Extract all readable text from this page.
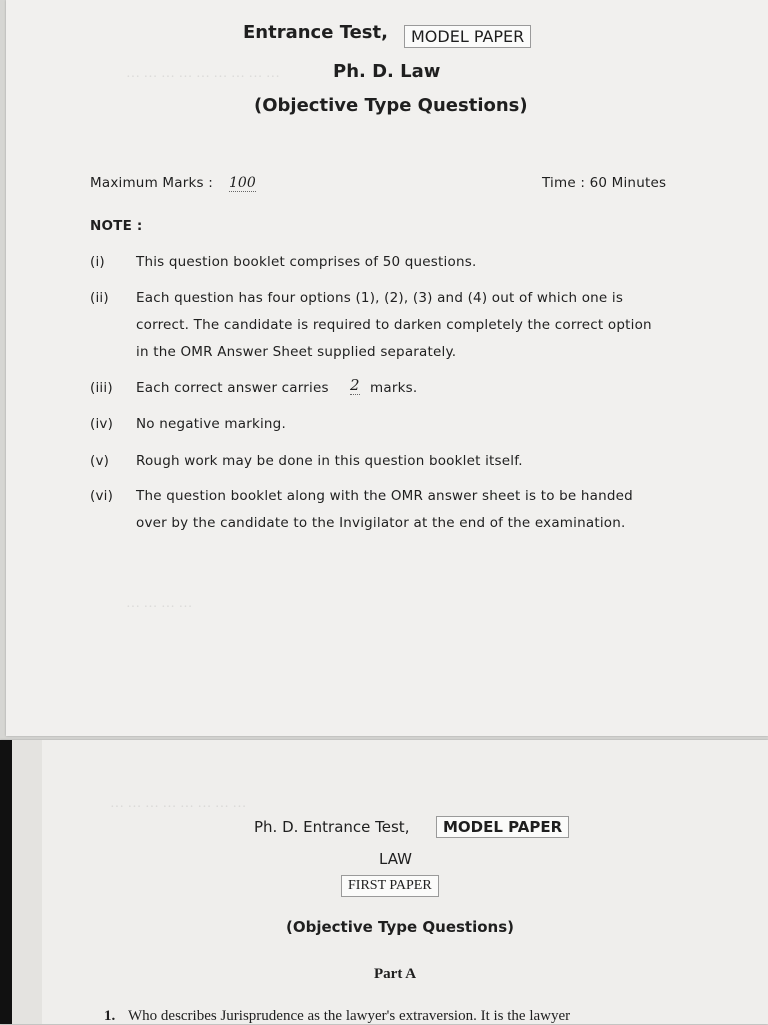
··· ··· ··· ··· ··· ··· ··· ··· ···
··· ··· ··· ···
Entrance Test,	MODEL PAPER
Ph. D. Law
(Objective Type Questions)
Maximum Marks : 100	Time : 60 Minutes
NOTE :
(i) This question booklet comprises of 50 questions.
(ii) Each question has four options (1), (2), (3) and (4) out of which one is
correct. The candidate is required to darken completely the correct option
in the OMR Answer Sheet supplied separately.
(iii) Each correct answer carries 2 marks.
(iv) No negative marking.
(v) Rough work may be done in this question booklet itself.
(vi) The question booklet along with the OMR answer sheet is to be handed
over by the candidate to the Invigilator at the end of the examination.
··· ··· ··· ··· ··· ··· ··· ···
Ph. D. Entrance Test,	MODEL PAPER
LAW
FIRST PAPER
(Objective Type Questions)
Part A
1. Who describes Jurisprudence as the lawyer's extraversion. It is the lawyer
